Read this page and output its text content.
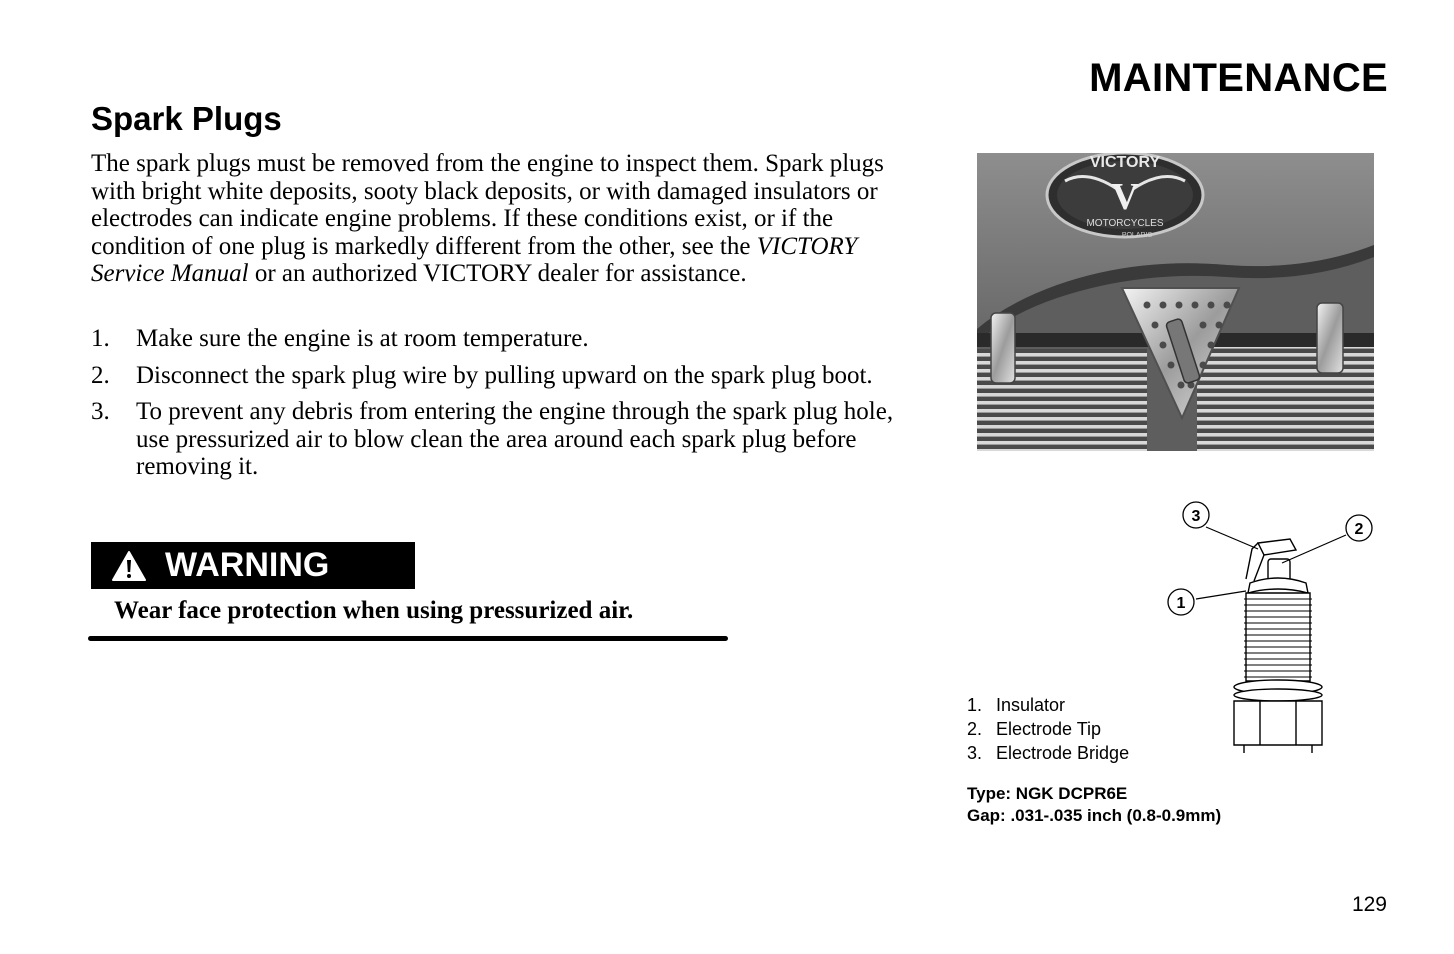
MAINTENANCE
Spark Plugs

The spark plugs must be removed from the engine to inspect them. Spark plugs with bright white deposits, sooty black deposits, or with damaged insulators or electrodes can indicate engine problems. If these conditions exist, or if the condition of one plug is markedly different from the other, see the VICTORY Service Manual or an authorized VICTORY dealer for assistance.

1. Make sure the engine is at room temperature.
2. Disconnect the spark plug wire by pulling upward on the spark plug boot.
3. To prevent any debris from entering the engine through the spark plug hole, use pressurized air to blow clean the area around each spark plug before removing it.
WARNING

Wear face protection when using pressurized air.

VICTORY
V
MOTORCYCLES
POLARIS
3
2
1
1. Insulator
2. Electrode Tip
3. Electrode Bridge

Type: NGK DCPR6E
Gap: .031-.035 inch (0.8-0.9mm)

129
